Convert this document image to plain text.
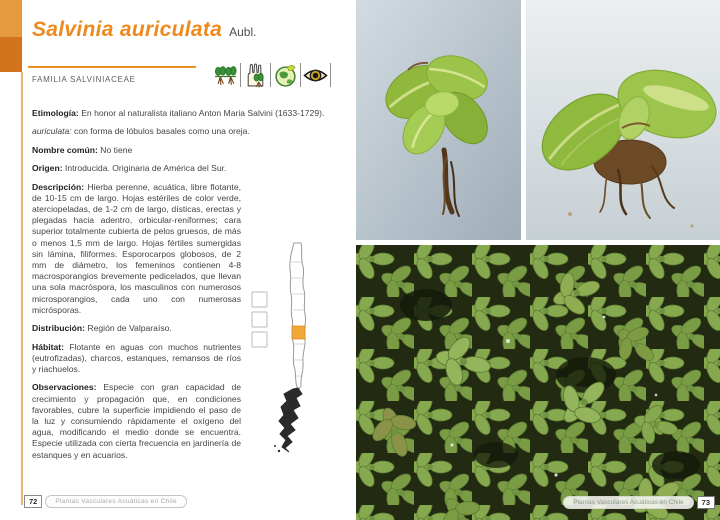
Salvinia auriculata Aubl.
FAMILIA SALVINIACEAE

Etimología: En honor al naturalista italiano Anton Maria Salvini (1633-1729).

auriculata: con forma de lóbulos basales como una oreja.

Nombre común: No tiene

Origen: Introducida. Originaria de América del Sur.

Descripción: Hierba perenne, acuática, libre flotante, de 10-15 cm de largo. Hojas estériles de color verde, aterciopeladas, de 1-2 cm de largo, dísticas, erectas y plegadas hacia adentro, orbicular-reniformes; cara superior totalmente cubierta de pelos gruesos, de más o menos 1,5 mm de largo. Hojas fértiles sumergidas sin lámina, filiformes. Esporocarpos globosos, de 2 mm de diámetro, los femeninos contienen 4-8 macrosporangios brevemente pedicelados, que llevan una sola macróspora, los masculinos con numerosos microsporangios, cada uno con numerosas micrósporas.

Distribución: Región de Valparaíso.

Hábitat: Flotante en aguas con muchos nutrientes (eutrofizadas), charcos, estanques, remansos de ríos y riachuelos.

Observaciones: Especie con gran capacidad de crecimiento y propagación que, en condiciones favorables, cubre la superficie impidiendo el paso de la luz y consumiendo rápidamente el oxígeno del agua, modificando el medio donde se encuentra. Especie utilizada con cierta frecuencia en jardinería de estanques y en acuarios.

72	Plantas Vasculares Acuáticas en Chile	Plantas Vasculares Acuáticas en Chile	73
